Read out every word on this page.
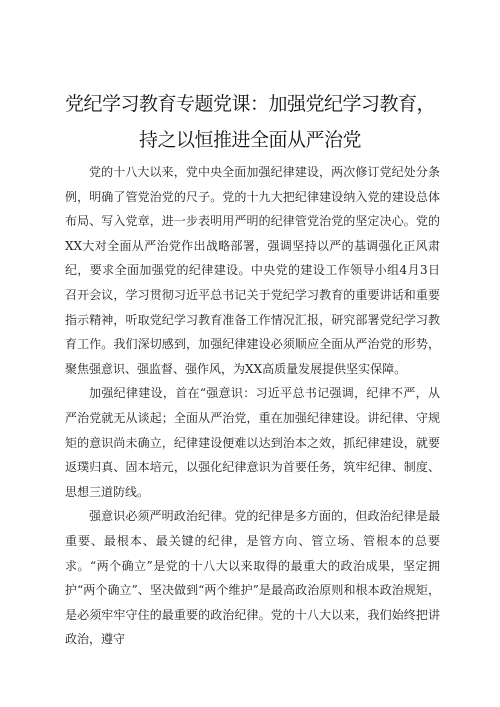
党纪学习教育专题党课：加强党纪学习教育，
持之以恒推进全面从严治党

党的十八大以来，党中央全面加强纪律建设，两次修订党纪处分条例，明确了管党治党的尺子。党的十九大把纪律建设纳入党的建设总体布局、写入党章，进一步表明用严明的纪律管党治党的坚定决心。党的XX大对全面从严治党作出战略部署，强调坚持以严的基调强化正风肃纪，要求全面加强党的纪律建设。中央党的建设工作领导小组4月3日召开会议，学习贯彻习近平总书记关于党纪学习教育的重要讲话和重要指示精神，听取党纪学习教育准备工作情况汇报，研究部署党纪学习教育工作。我们深切感到，加强纪律建设必须顺应全面从严治党的形势，聚焦强意识、强监督、强作风，为XX高质量发展提供坚实保障。

加强纪律建设，首在“强意识：习近平总书记强调，纪律不严，从严治党就无从谈起；全面从严治党，重在加强纪律建设。讲纪律、守规矩的意识尚未确立，纪律建设便难以达到治本之效，抓纪律建设，就要返璞归真、固本培元，以强化纪律意识为首要任务，筑牢纪律、制度、思想三道防线。

强意识必须严明政治纪律。党的纪律是多方面的，但政治纪律是最重要、最根本、最关键的纪律，是管方向、管立场、管根本的总要求。“两个确立”是党的十八大以来取得的最重大的政治成果，坚定拥护“两个确立”、坚决做到“两个维护”是最高政治原则和根本政治规矩，是必须牢牢守住的最重要的政治纪律。党的十八大以来，我们始终把讲政治，遵守
